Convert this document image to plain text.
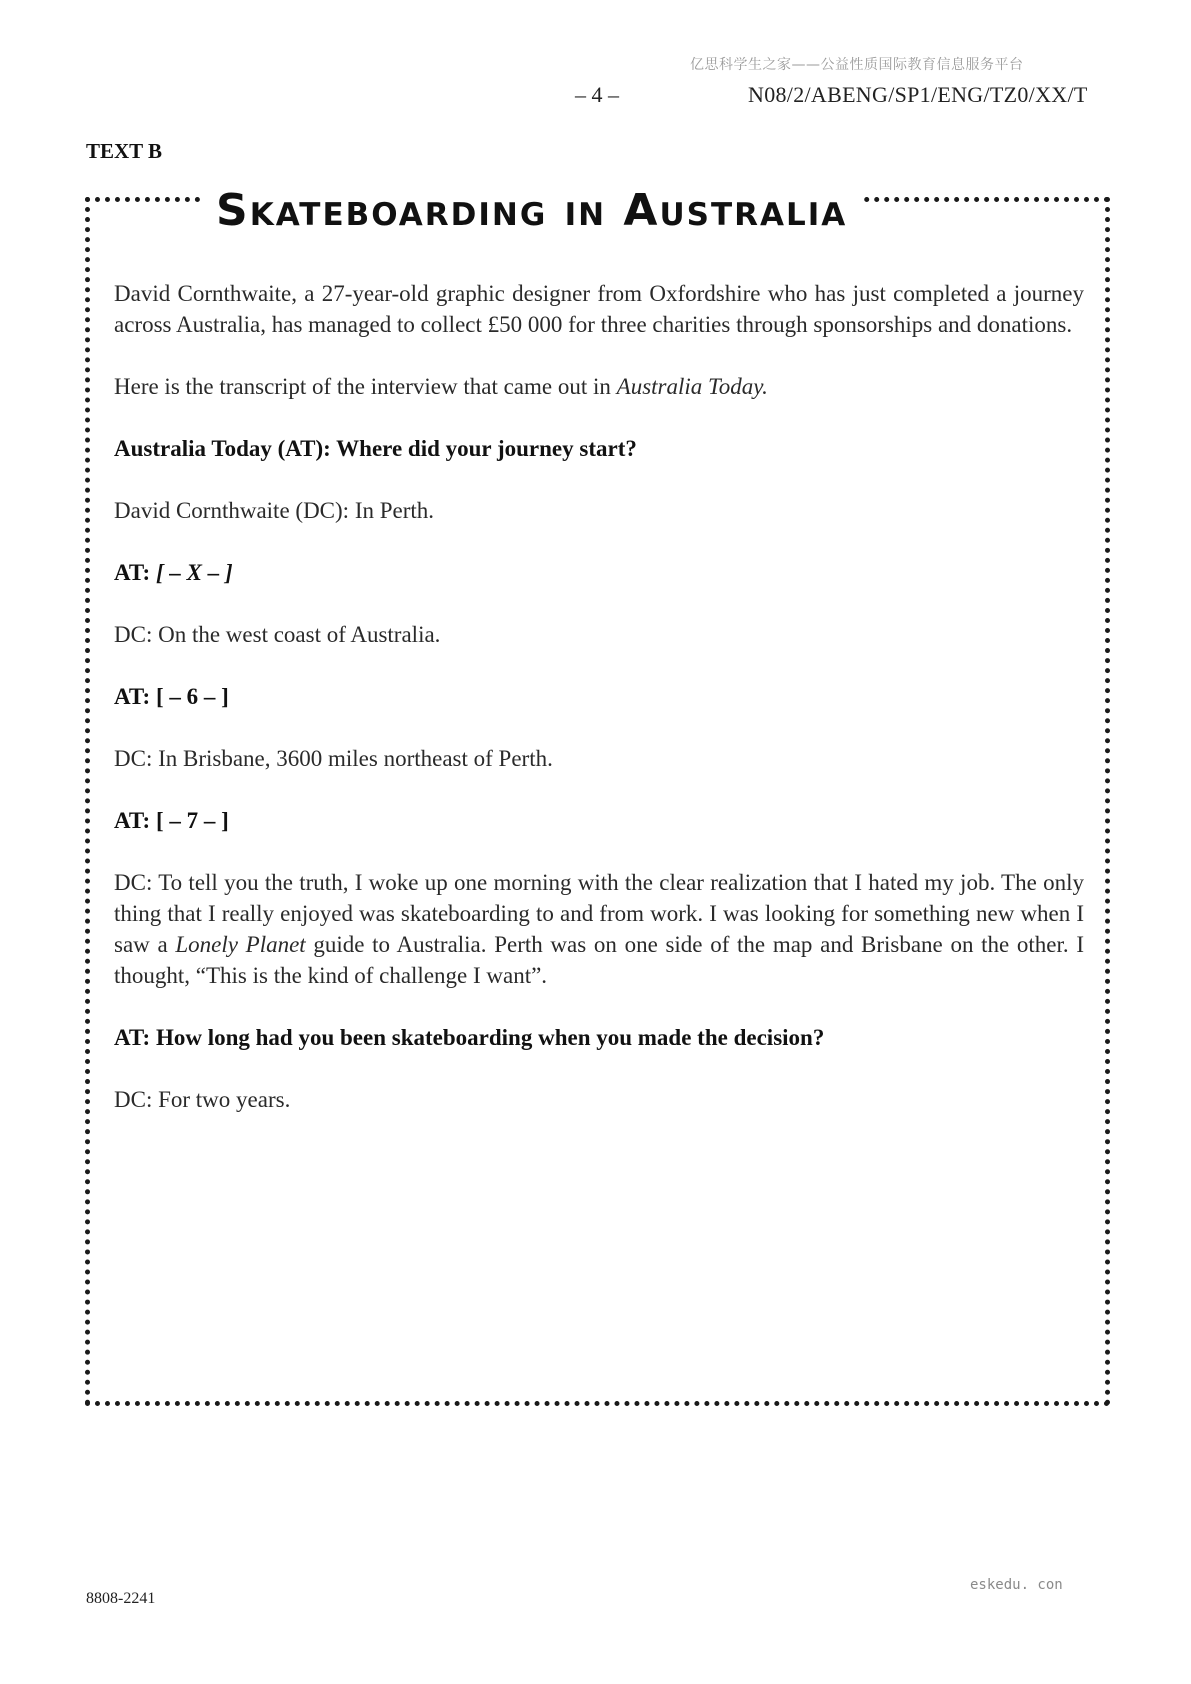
亿思科学生之家——公益性质国际教育信息服务平台
– 4 –	N08/2/ABENG/SP1/ENG/TZ0/XX/T
TEXT B
Skateboarding in Australia

David Cornthwaite, a 27-year-old graphic designer from Oxfordshire who has just completed a journey across Australia, has managed to collect £50 000 for three charities through sponsorships and donations.

Here is the transcript of the interview that came out in Australia Today.

Australia Today (AT): Where did your journey start?

David Cornthwaite (DC): In Perth.

AT: [ – X – ]

DC: On the west coast of Australia.

AT: [ – 6 – ]

DC: In Brisbane, 3600 miles northeast of Perth.

AT: [ – 7 – ]

DC: To tell you the truth, I woke up one morning with the clear realization that I hated my job. The only thing that I really enjoyed was skateboarding to and from work. I was looking for something new when I saw a Lonely Planet guide to Australia. Perth was on one side of the map and Brisbane on the other. I thought, “This is the kind of challenge I want”.

AT: How long had you been skateboarding when you made the decision?

DC: For two years.

8808-2241
eskedu. con
